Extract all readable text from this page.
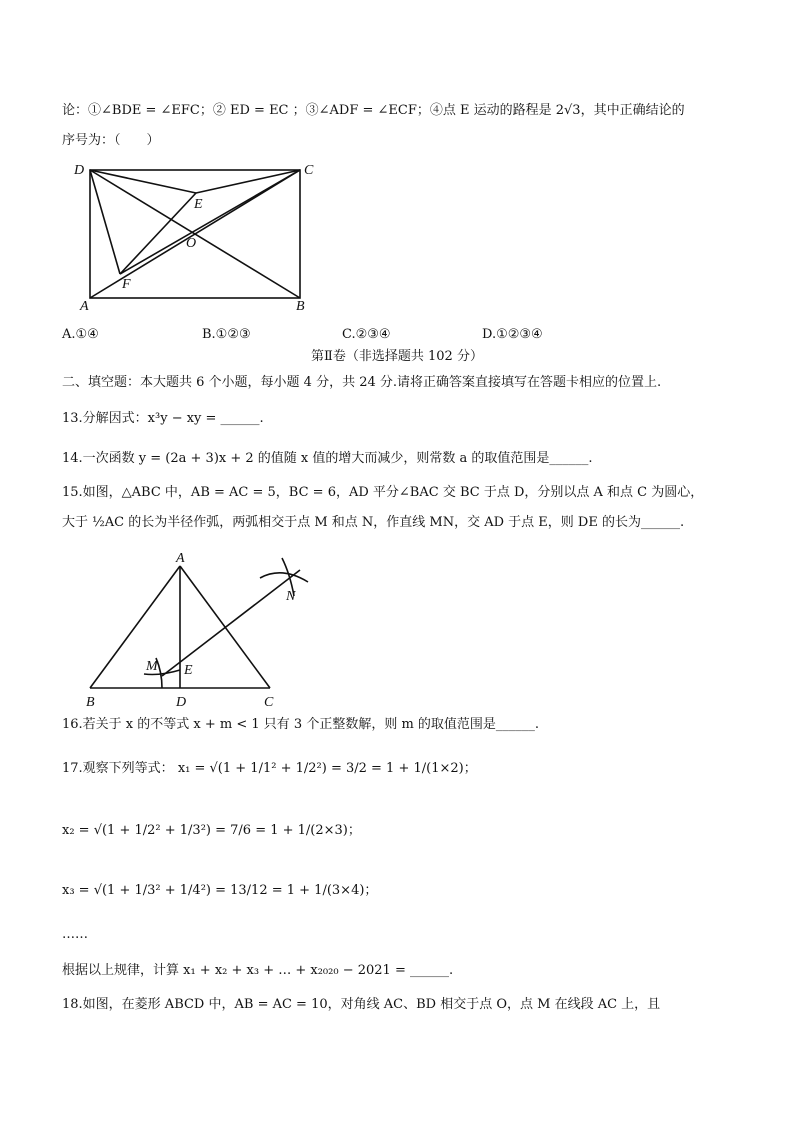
论：①∠BDE = ∠EFC；② ED = EC ；③∠ADF = ∠ECF；④点 E 运动的路程是 2√3，其中正确结论的
序号为：（　　）
D	C
E
O
F
A	B
A.①④	B.①②③	C.②③④	D.①②③④
第Ⅱ卷（非选择题共 102 分）
二、填空题：本大题共 6 个小题，每小题 4 分，共 24 分.请将正确答案直接填写在答题卡相应的位置上.
13.分解因式：x³y − xy = ______.
14.一次函数 y = (2a + 3)x + 2 的值随 x 值的增大而减少，则常数 a 的取值范围是______.
15.如图，△ABC 中，AB = AC = 5，BC = 6，AD 平分∠BAC 交 BC 于点 D，分别以点 A 和点 C 为圆心，
大于 ½AC 的长为半径作弧，两弧相交于点 M 和点 N，作直线 MN，交 AD 于点 E，则 DE 的长为______.
A
N
M E
B	D	C
16.若关于 x 的不等式 x + m < 1 只有 3 个正整数解，则 m 的取值范围是______.
17.观察下列等式： x₁ = √(1 + 1/1² + 1/2²) = 3/2 = 1 + 1/(1×2)；
x₂ = √(1 + 1/2² + 1/3²) = 7/6 = 1 + 1/(2×3)；
x₃ = √(1 + 1/3² + 1/4²) = 13/12 = 1 + 1/(3×4)；
……
根据以上规律，计算 x₁ + x₂ + x₃ + … + x₂₀₂₀ − 2021 = ______.
18.如图，在菱形 ABCD 中，AB = AC = 10，对角线 AC、BD 相交于点 O，点 M 在线段 AC 上，且
